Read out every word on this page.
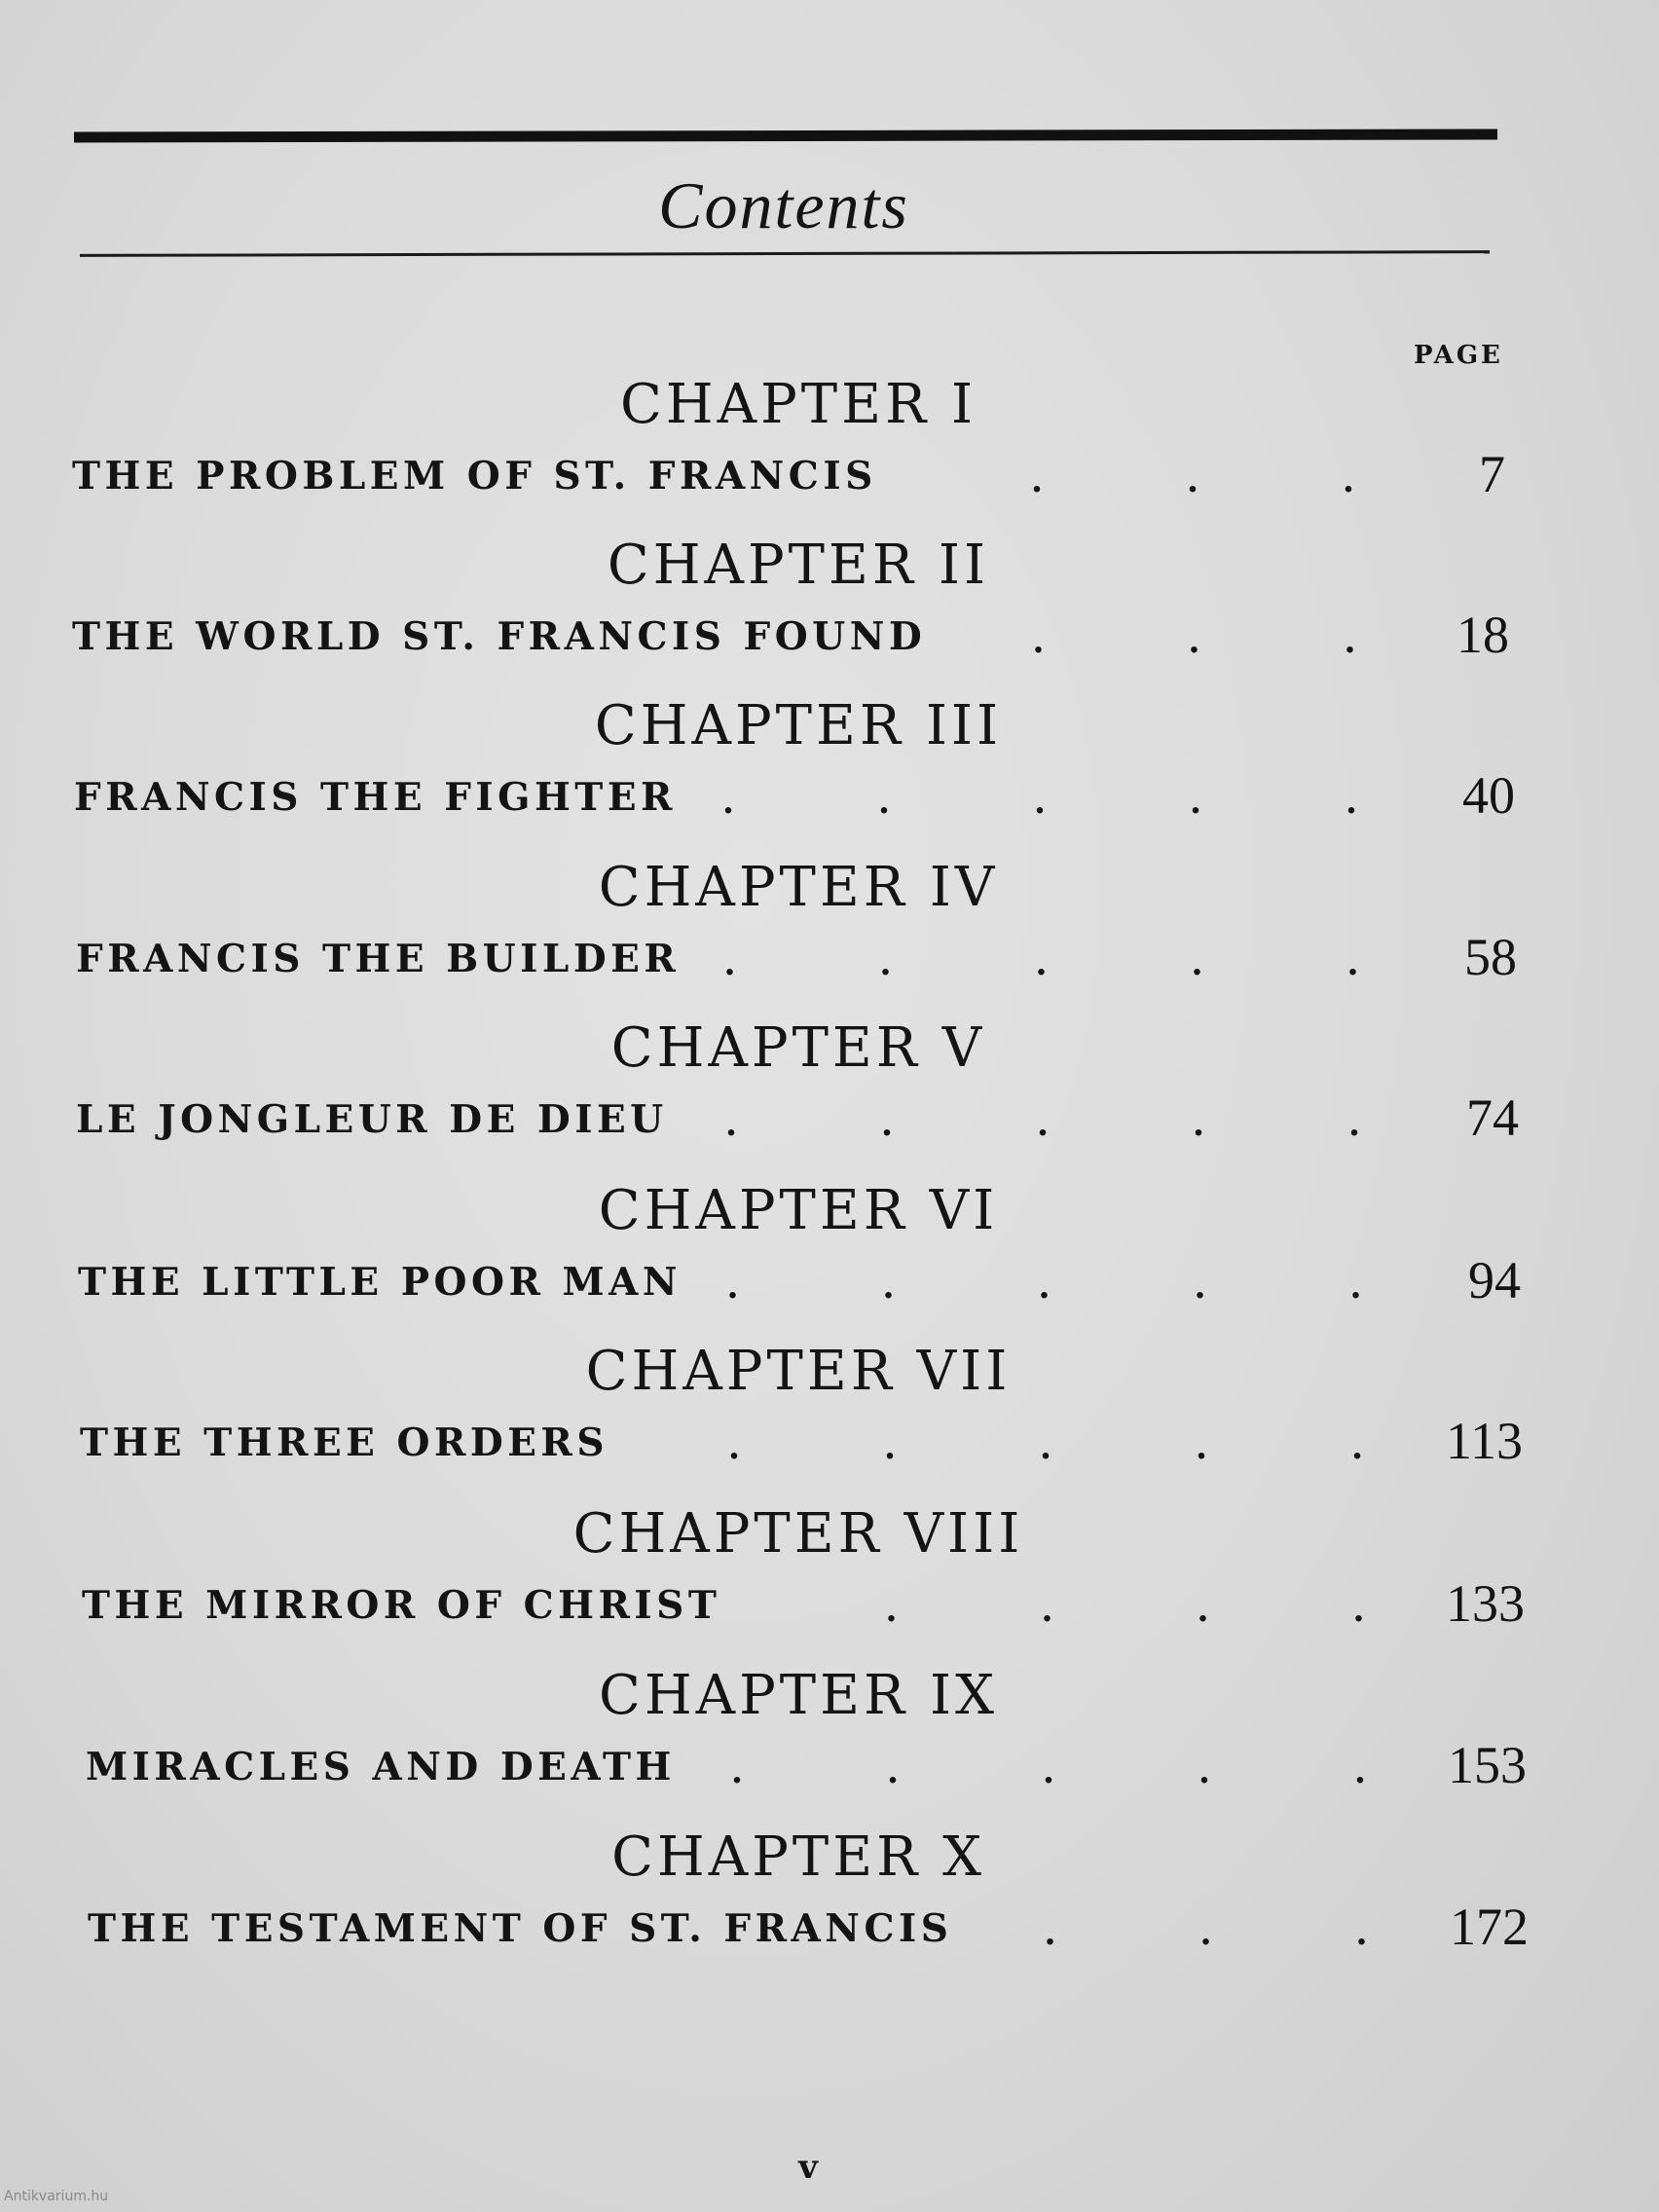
Contents
PAGE
CHAPTER I
THE PROBLEM OF ST. FRANCIS	7
.	.	.
CHAPTER II
THE WORLD ST. FRANCIS FOUND	18
.	.	.
CHAPTER III
FRANCIS THE FIGHTER	40
.	.	.	.	.
CHAPTER IV
FRANCIS THE BUILDER	58
.	.	.	.	.
CHAPTER V
LE JONGLEUR DE DIEU	74
.	.	.	.	.
CHAPTER VI
THE LITTLE POOR MAN	94
.	.	.	.	.
CHAPTER VII
THE THREE ORDERS	113
.	.	.	.	.
CHAPTER VIII
THE MIRROR OF CHRIST	133
.	.	.	.
CHAPTER IX
MIRACLES AND DEATH	153
.	.	.	.	.
CHAPTER X
THE TESTAMENT OF ST. FRANCIS	172
.	.	.
v
Antikvarium.hu
